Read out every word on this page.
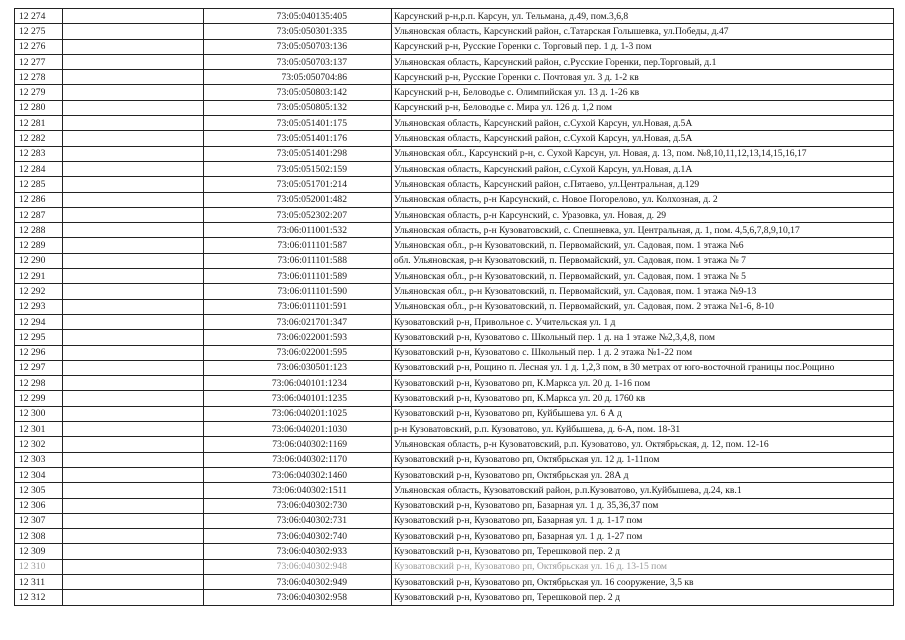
12 274		73:05:040135:405	Карсунский р-н,р.п. Карсун, ул. Тельмана, д.49, пом.3,6,8
12 275		73:05:050301:335	Ульяновская область, Карсунский район, с.Татарская Голышевка, ул.Победы, д.47
12 276		73:05:050703:136	Карсунский р-н, Русские Горенки с. Торговый пер. 1 д. 1-3 пом
12 277		73:05:050703:137	Ульяновская область, Карсунский район, с.Русские Горенки, пер.Торговый, д.1
12 278		73:05:050704:86	Карсунский р-н, Русские Горенки с. Почтовая ул. 3 д. 1-2 кв
12 279		73:05:050803:142	Карсунский р-н, Беловодье с. Олимпийская ул. 13 д. 1-26 кв
12 280		73:05:050805:132	Карсунский р-н, Беловодье с. Мира ул. 126 д. 1,2 пом
12 281		73:05:051401:175	Ульяновская область, Карсунский район, с.Сухой Карсун, ул.Новая, д.5А
12 282		73:05:051401:176	Ульяновская область, Карсунский район, с.Сухой Карсун, ул.Новая, д.5А
12 283		73:05:051401:298	Ульяновская обл., Карсунский р-н, с. Сухой Карсун, ул. Новая, д. 13, пом. №8,10,11,12,13,14,15,16,17
12 284		73:05:051502:159	Ульяновская область, Карсунский район, с.Сухой Карсун, ул.Новая, д.1А
12 285		73:05:051701:214	Ульяновская область, Карсунский район, с.Пятаево, ул.Центральная, д.129
12 286		73:05:052001:482	Ульяновская область, р-н Карсунский, с. Новое Погорелово, ул. Колхозная, д. 2
12 287		73:05:052302:207	Ульяновская область, р-н Карсунский, с. Уразовка, ул. Новая, д. 29
12 288		73:06:011001:532	Ульяновская область, р-н Кузоватовский, с. Спешневка, ул. Центральная, д. 1, пом. 4,5,6,7,8,9,10,17
12 289		73:06:011101:587	Ульяновская обл., р-н Кузоватовский, п. Первомайский, ул. Садовая, пом. 1 этажа №6
12 290		73:06:011101:588	обл. Ульяновская, р-н Кузоватовский, п. Первомайский, ул. Садовая, пом. 1 этажа № 7
12 291		73:06:011101:589	Ульяновская обл., р-н Кузоватовский, п. Первомайский, ул. Садовая, пом. 1 этажа № 5
12 292		73:06:011101:590	Ульяновская обл., р-н Кузоватовский, п. Первомайский, ул. Садовая, пом. 1 этажа №9-13
12 293		73:06:011101:591	Ульяновская обл., р-н Кузоватовский, п. Первомайский, ул. Садовая, пом. 2 этажа №1-6, 8-10
12 294		73:06:021701:347	Кузоватовский р-н, Привольное с. Учительская ул. 1 д
12 295		73:06:022001:593	Кузоватовский р-н, Кузоватово с. Школьный пер. 1 д. на 1 этаже №2,3,4,8, пом
12 296		73:06:022001:595	Кузоватовский р-н, Кузоватово с. Школьный пер. 1 д. 2 этажа №1-22 пом
12 297		73:06:030501:123	Кузоватовский р-н, Рощино п. Лесная ул. 1 д. 1,2,3 пом, в 30 метрах от юго-восточной границы пос.Рощино
12 298		73:06:040101:1234	Кузоватовский р-н, Кузоватово рп, К.Маркса ул. 20 д. 1-16 пом
12 299		73:06:040101:1235	Кузоватовский р-н, Кузоватово рп, К.Маркса ул. 20 д. 1760 кв
12 300		73:06:040201:1025	Кузоватовский р-н, Кузоватово рп, Куйбышева ул. 6 А д
12 301		73:06:040201:1030	р-н Кузоватовский, р.п. Кузоватово, ул. Куйбышева, д. 6-А, пом. 18-31
12 302		73:06:040302:1169	Ульяновская область, р-н Кузоватовский, р.п. Кузоватово, ул. Октябрьская, д. 12, пом. 12-16
12 303		73:06:040302:1170	Кузоватовский р-н, Кузоватово рп, Октябрьская ул. 12 д. 1-11пом
12 304		73:06:040302:1460	Кузоватовский р-н, Кузоватово рп, Октябрьская ул. 28А д
12 305		73:06:040302:1511	Ульяновская область, Кузоватовский район, р.п.Кузоватово, ул.Куйбышева, д.24, кв.1
12 306		73:06:040302:730	Кузоватовский р-н, Кузоватово рп, Базарная ул. 1 д. 35,36,37 пом
12 307		73:06:040302:731	Кузоватовский р-н, Кузоватово рп, Базарная ул. 1 д. 1-17 пом
12 308		73:06:040302:740	Кузоватовский р-н, Кузоватово рп, Базарная ул. 1 д. 1-27 пом
12 309		73:06:040302:933	Кузоватовский р-н, Кузоватово рп, Терешковой пер. 2 д
12 310		73:06:040302:948	Кузоватовский р-н, Кузоватово рп, Октябрьская ул. 16 д. 13-15 пом
12 311		73:06:040302:949	Кузоватовский р-н, Кузоватово рп, Октябрьская ул. 16 сооружение, 3,5 кв
12 312		73:06:040302:958	Кузоватовский р-н, Кузоватово рп, Терешковой пер. 2 д
